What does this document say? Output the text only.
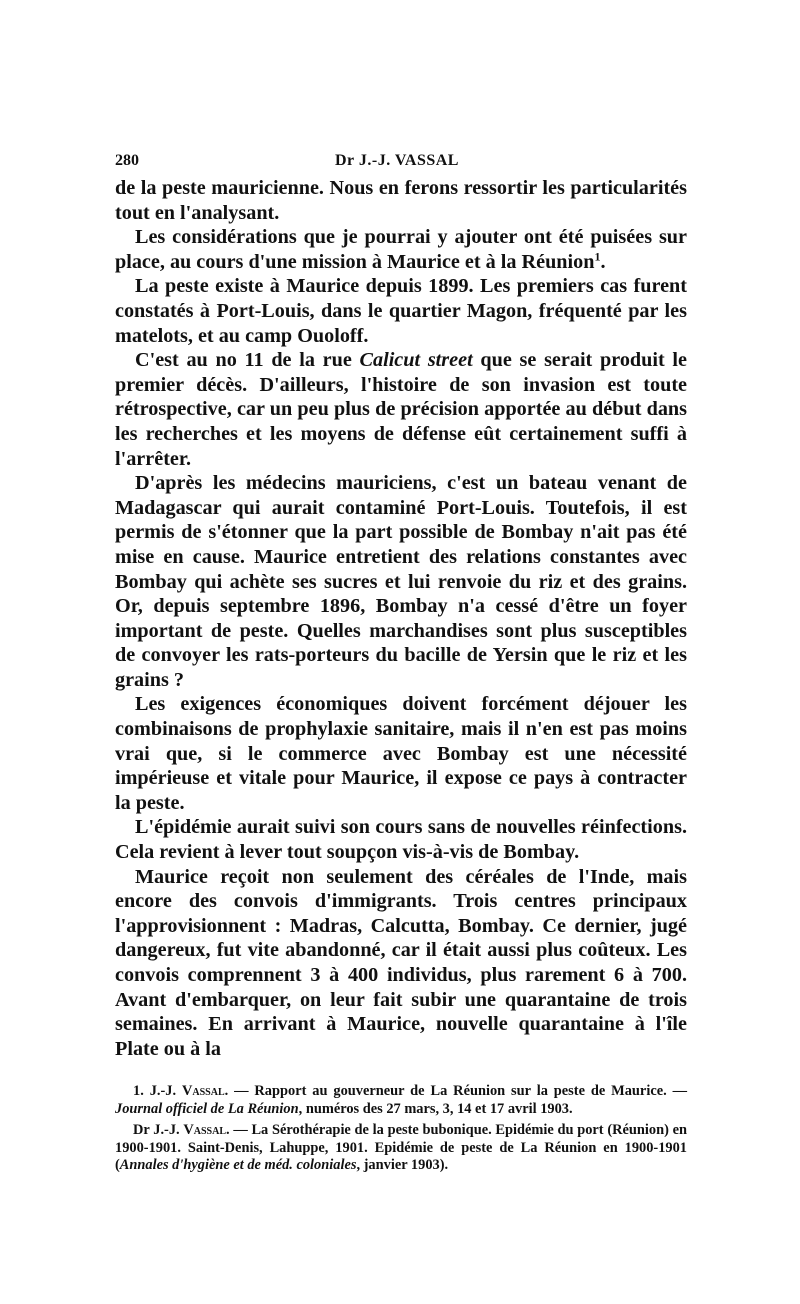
280	Dr J.-J. VASSAL

de la peste mauricienne. Nous en ferons ressortir les particularités tout en l'analysant.

Les considérations que je pourrai y ajouter ont été puisées sur place, au cours d'une mission à Maurice et à la Réunion$^1$.

La peste existe à Maurice depuis 1899. Les premiers cas furent constatés à Port-Louis, dans le quartier Magon, fréquenté par les matelots, et au camp Ouoloff.

C'est au no 11 de la rue Calicut street que se serait produit le premier décès. D'ailleurs, l'histoire de son invasion est toute rétrospective, car un peu plus de précision apportée au début dans les recherches et les moyens de défense eût certainement suffi à l'arrêter.

D'après les médecins mauriciens, c'est un bateau venant de Madagascar qui aurait contaminé Port-Louis. Toutefois, il est permis de s'étonner que la part possible de Bombay n'ait pas été mise en cause. Maurice entretient des relations constantes avec Bombay qui achète ses sucres et lui renvoie du riz et des grains. Or, depuis septembre 1896, Bombay n'a cessé d'être un foyer important de peste. Quelles marchandises sont plus susceptibles de convoyer les rats-porteurs du bacille de Yersin que le riz et les grains ?

Les exigences économiques doivent forcément déjouer les combinaisons de prophylaxie sanitaire, mais il n'en est pas moins vrai que, si le commerce avec Bombay est une nécessité impérieuse et vitale pour Maurice, il expose ce pays à contracter la peste.

L'épidémie aurait suivi son cours sans de nouvelles réinfections. Cela revient à lever tout soupçon vis-à-vis de Bombay.

Maurice reçoit non seulement des céréales de l'Inde, mais encore des convois d'immigrants. Trois centres principaux l'approvisionnent : Madras, Calcutta, Bombay. Ce dernier, jugé dangereux, fut vite abandonné, car il était aussi plus coûteux. Les convois comprennent 3 à 400 individus, plus rarement 6 à 700. Avant d'embarquer, on leur fait subir une quarantaine de trois semaines. En arrivant à Maurice, nouvelle quarantaine à l'île Plate ou à la

1. J.-J. Vassal. — Rapport au gouverneur de La Réunion sur la peste de Maurice. — Journal officiel de La Réunion, numéros des 27 mars, 3, 14 et 17 avril 1903.

Dr J.-J. Vassal. — La Sérothérapie de la peste bubonique. Epidémie du port (Réunion) en 1900-1901. Saint-Denis, Lahuppe, 1901. Epidémie de peste de La Réunion en 1900-1901 (Annales d'hygiène et de méd. coloniales, janvier 1903).
